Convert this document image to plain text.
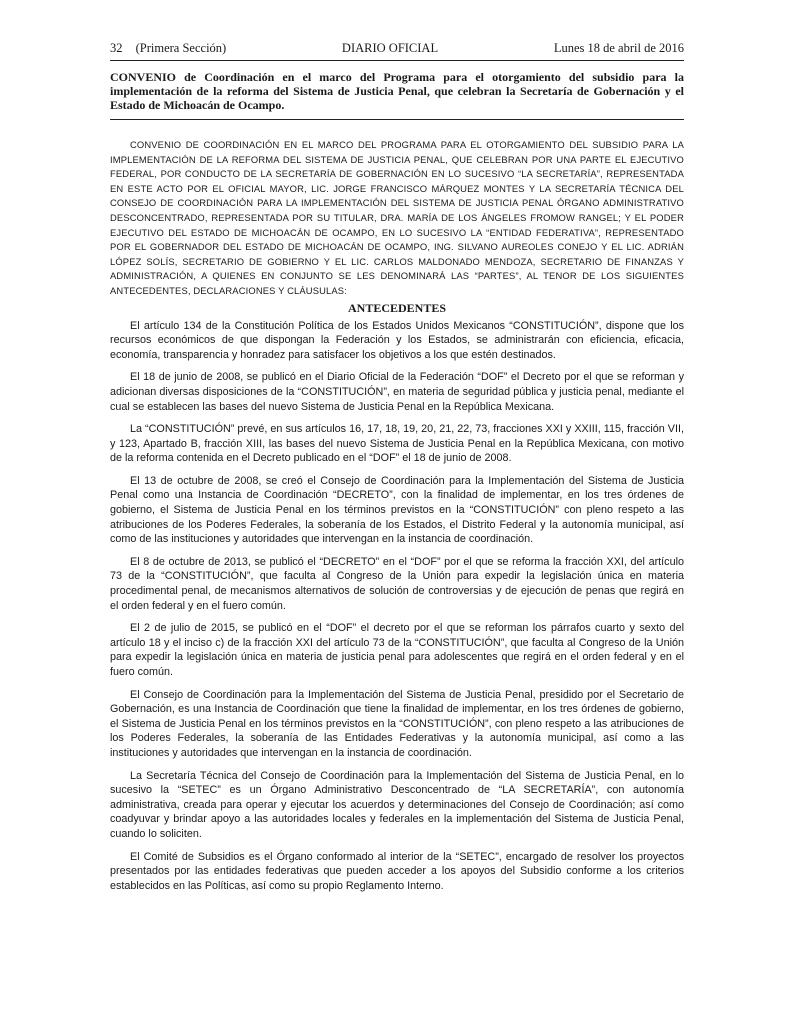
32 (Primera Sección)	DIARIO OFICIAL	Lunes 18 de abril de 2016
CONVENIO de Coordinación en el marco del Programa para el otorgamiento del subsidio para la implementación de la reforma del Sistema de Justicia Penal, que celebran la Secretaría de Gobernación y el Estado de Michoacán de Ocampo.
CONVENIO DE COORDINACIÓN EN EL MARCO DEL PROGRAMA PARA EL OTORGAMIENTO DEL SUBSIDIO PARA LA IMPLEMENTACIÓN DE LA REFORMA DEL SISTEMA DE JUSTICIA PENAL, QUE CELEBRAN POR UNA PARTE EL EJECUTIVO FEDERAL, POR CONDUCTO DE LA SECRETARÍA DE GOBERNACIÓN EN LO SUCESIVO “LA SECRETARÍA”, REPRESENTADA EN ESTE ACTO POR EL OFICIAL MAYOR, LIC. JORGE FRANCISCO MÁRQUEZ MONTES Y LA SECRETARÍA TÉCNICA DEL CONSEJO DE COORDINACIÓN PARA LA IMPLEMENTACIÓN DEL SISTEMA DE JUSTICIA PENAL ÓRGANO ADMINISTRATIVO DESCONCENTRADO, REPRESENTADA POR SU TITULAR, DRA. MARÍA DE LOS ÁNGELES FROMOW RANGEL; Y EL PODER EJECUTIVO DEL ESTADO DE MICHOACÁN DE OCAMPO, EN LO SUCESIVO LA “ENTIDAD FEDERATIVA”, REPRESENTADO POR EL GOBERNADOR DEL ESTADO DE MICHOACÁN DE OCAMPO, ING. SILVANO AUREOLES CONEJO Y EL LIC. ADRIÁN LÓPEZ SOLÍS, SECRETARIO DE GOBIERNO Y EL LIC. CARLOS MALDONADO MENDOZA, SECRETARIO DE FINANZAS Y ADMINISTRACIÓN, A QUIENES EN CONJUNTO SE LES DENOMINARÁ LAS “PARTES”, AL TENOR DE LOS SIGUIENTES ANTECEDENTES, DECLARACIONES Y CLÁUSULAS:
ANTECEDENTES

El artículo 134 de la Constitución Política de los Estados Unidos Mexicanos “CONSTITUCIÓN”, dispone que los recursos económicos de que dispongan la Federación y los Estados, se administrarán con eficiencia, eficacia, economía, transparencia y honradez para satisfacer los objetivos a los que estén destinados.

El 18 de junio de 2008, se publicó en el Diario Oficial de la Federación “DOF” el Decreto por el que se reforman y adicionan diversas disposiciones de la “CONSTITUCIÓN”, en materia de seguridad pública y justicia penal, mediante el cual se establecen las bases del nuevo Sistema de Justicia Penal en la República Mexicana.

La “CONSTITUCIÓN” prevé, en sus artículos 16, 17, 18, 19, 20, 21, 22, 73, fracciones XXI y XXIII, 115, fracción VII, y 123, Apartado B, fracción XIII, las bases del nuevo Sistema de Justicia Penal en la República Mexicana, con motivo de la reforma contenida en el Decreto publicado en el “DOF” el 18 de junio de 2008.

El 13 de octubre de 2008, se creó el Consejo de Coordinación para la Implementación del Sistema de Justicia Penal como una Instancia de Coordinación “DECRETO”, con la finalidad de implementar, en los tres órdenes de gobierno, el Sistema de Justicia Penal en los términos previstos en la “CONSTITUCIÓN” con pleno respeto a las atribuciones de los Poderes Federales, la soberanía de los Estados, el Distrito Federal y la autonomía municipal, así como de las instituciones y autoridades que intervengan en la instancia de coordinación.

El 8 de octubre de 2013, se publicó el “DECRETO” en el “DOF” por el que se reforma la fracción XXI, del artículo 73 de la “CONSTITUCIÓN”, que faculta al Congreso de la Unión para expedir la legislación única en materia procedimental penal, de mecanismos alternativos de solución de controversias y de ejecución de penas que regirá en el orden federal y en el fuero común.

El 2 de julio de 2015, se publicó en el “DOF” el decreto por el que se reforman los párrafos cuarto y sexto del artículo 18 y el inciso c) de la fracción XXI del artículo 73 de la “CONSTITUCIÓN”, que faculta al Congreso de la Unión para expedir la legislación única en materia de justicia penal para adolescentes que regirá en el orden federal y en el fuero común.

El Consejo de Coordinación para la Implementación del Sistema de Justicia Penal, presidido por el Secretario de Gobernación, es una Instancia de Coordinación que tiene la finalidad de implementar, en los tres órdenes de gobierno, el Sistema de Justicia Penal en los términos previstos en la “CONSTITUCIÓN”, con pleno respeto a las atribuciones de los Poderes Federales, la soberanía de las Entidades Federativas y la autonomía municipal, así como a las instituciones y autoridades que intervengan en la instancia de coordinación.

La Secretaría Técnica del Consejo de Coordinación para la Implementación del Sistema de Justicia Penal, en lo sucesivo la “SETEC” es un Órgano Administrativo Desconcentrado de “LA SECRETARÍA”, con autonomía administrativa, creada para operar y ejecutar los acuerdos y determinaciones del Consejo de Coordinación; así como coadyuvar y brindar apoyo a las autoridades locales y federales en la implementación del Sistema de Justicia Penal, cuando lo soliciten.

El Comité de Subsidios es el Órgano conformado al interior de la “SETEC”, encargado de resolver los proyectos presentados por las entidades federativas que pueden acceder a los apoyos del Subsidio conforme a los criterios establecidos en las Políticas, así como su propio Reglamento Interno.
